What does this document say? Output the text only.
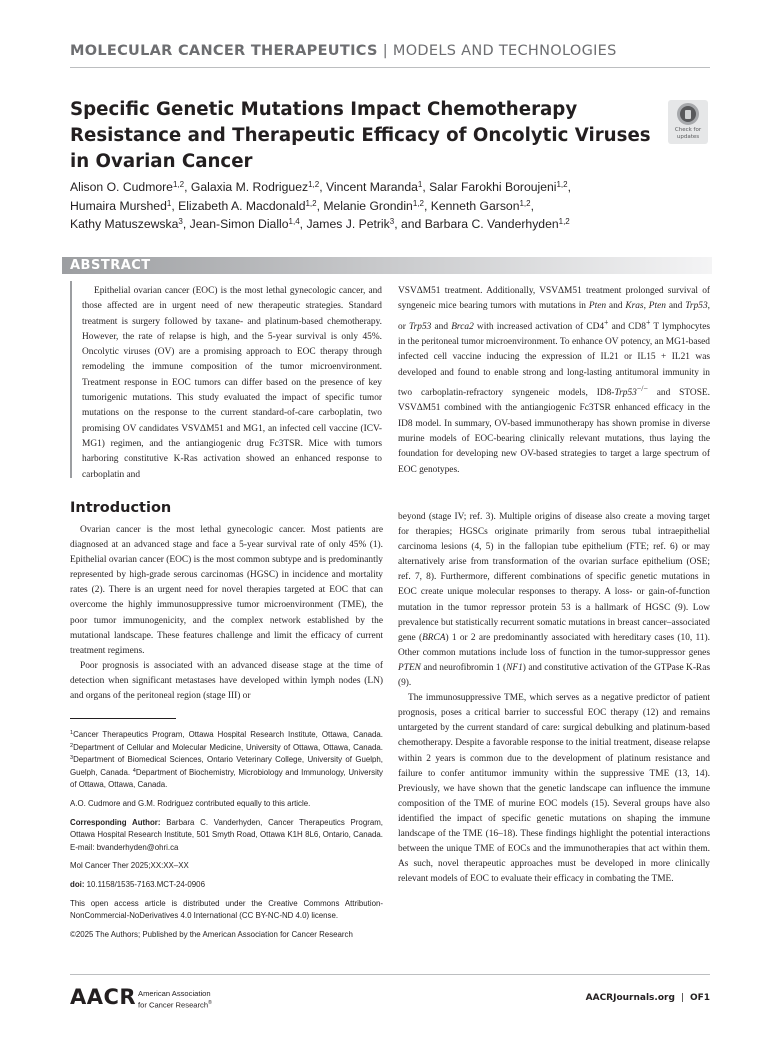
MOLECULAR CANCER THERAPEUTICS | MODELS AND TECHNOLOGIES
Specific Genetic Mutations Impact Chemotherapy Resistance and Therapeutic Efficacy of Oncolytic Viruses in Ovarian Cancer
Check for
updates
Alison O. Cudmore$^{1,2}$, Galaxia M. Rodriguez$^{1,2}$, Vincent Maranda$^1$, Salar Farokhi Boroujeni$^{1,2}$,
Humaira Murshed$^1$, Elizabeth A. Macdonald$^{1,2}$, Melanie Grondin$^{1,2}$, Kenneth Garson$^{1,2}$,
Kathy Matuszewska$^3$, Jean-Simon Diallo$^{1,4}$, James J. Petrik$^3$, and Barbara C. Vanderhyden$^{1,2}$
ABSTRACT

Epithelial ovarian cancer (EOC) is the most lethal gynecologic cancer, and those affected are in urgent need of new therapeutic strategies. Standard treatment is surgery followed by taxane- and platinum-based chemotherapy. However, the rate of relapse is high, and the 5-year survival is only 45%. Oncolytic viruses (OV) are a promising approach to EOC therapy through remodeling the immune composition of the tumor microenvironment. Treatment response in EOC tumors can differ based on the presence of key tumorigenic mutations. This study evaluated the impact of specific tumor mutations on the response to the current standard-of-care carboplatin, two promising OV candidates VSVΔM51 and MG1, an infected cell vaccine (ICV-MG1) regimen, and the antiangiogenic drug Fc3TSR. Mice with tumors harboring constitutive K-Ras activation showed an enhanced response to carboplatin and

VSVΔM51 treatment. Additionally, VSVΔM51 treatment prolonged survival of syngeneic mice bearing tumors with mutations in Pten and Kras, Pten and Trp53, or Trp53 and Brca2 with increased activation of CD4+ and CD8+ T lymphocytes in the peritoneal tumor microenvironment. To enhance OV potency, an MG1-based infected cell vaccine inducing the expression of IL21 or IL15 + IL21 was developed and found to enable strong and long-lasting antitumoral immunity in two carboplatin-refractory syngeneic models, ID8-Trp53−/− and STOSE. VSVΔM51 combined with the antiangiogenic Fc3TSR enhanced efficacy in the ID8 model. In summary, OV-based immunotherapy has shown promise in diverse murine models of EOC-bearing clinically relevant mutations, thus laying the foundation for developing new OV-based strategies to target a large spectrum of EOC genotypes.

Introduction

Ovarian cancer is the most lethal gynecologic cancer. Most patients are diagnosed at an advanced stage and face a 5-year survival rate of only 45% (1). Epithelial ovarian cancer (EOC) is the most common subtype and is predominantly represented by high-grade serous carcinomas (HGSC) in incidence and mortality rates (2). There is an urgent need for novel therapies targeted at EOC that can overcome the highly immunosuppressive tumor microenvironment (TME), the poor tumor immunogenicity, and the complex network established by the mutational landscape. These features challenge and limit the efficacy of current treatment regimens.

Poor prognosis is associated with an advanced disease stage at the time of detection when significant metastases have developed within lymph nodes (LN) and organs of the peritoneal region (stage III) or

beyond (stage IV; ref. 3). Multiple origins of disease also create a moving target for therapies; HGSCs originate primarily from serous tubal intraepithelial carcinoma lesions (4, 5) in the fallopian tube epithelium (FTE; ref. 6) or may alternatively arise from transformation of the ovarian surface epithelium (OSE; ref. 7, 8). Furthermore, different combinations of specific genetic mutations in EOC create unique molecular responses to therapy. A loss- or gain-of-function mutation in the tumor repressor protein 53 is a hallmark of HGSC (9). Low prevalence but statistically recurrent somatic mutations in breast cancer–associated gene (BRCA) 1 or 2 are predominantly associated with hereditary cases (10, 11). Other common mutations include loss of function in the tumor-suppressor genes PTEN and neurofibromin 1 (NF1) and constitutive activation of the GTPase K-Ras (9).

The immunosuppressive TME, which serves as a negative predictor of patient prognosis, poses a critical barrier to successful EOC therapy (12) and remains untargeted by the current standard of care: surgical debulking and platinum-based chemotherapy. Despite a favorable response to the initial treatment, disease relapse within 2 years is common due to the development of platinum resistance and failure to confer antitumor immunity within the suppressive TME (13, 14). Previously, we have shown that the genetic landscape can influence the immune composition of the TME of murine EOC models (15). Several groups have also identified the impact of specific genetic mutations on shaping the immune landscape of the TME (16–18). These findings highlight the potential interactions between the unique TME of EOCs and the immunotherapies that act within them. As such, novel therapeutic approaches must be developed in more clinically relevant models of EOC to evaluate their efficacy in combating the TME.

$^1$Cancer Therapeutics Program, Ottawa Hospital Research Institute, Ottawa, Canada. $^2$Department of Cellular and Molecular Medicine, University of Ottawa, Ottawa, Canada. $^3$Department of Biomedical Sciences, Ontario Veterinary College, University of Guelph, Guelph, Canada. $^4$Department of Biochemistry, Microbiology and Immunology, University of Ottawa, Ottawa, Canada.

A.O. Cudmore and G.M. Rodriguez contributed equally to this article.

Corresponding Author: Barbara C. Vanderhyden, Cancer Therapeutics Program, Ottawa Hospital Research Institute, 501 Smyth Road, Ottawa K1H 8L6, Ontario, Canada. E-mail: bvanderhyden@ohri.ca

Mol Cancer Ther 2025;XX:XX–XX

doi: 10.1158/1535-7163.MCT-24-0906

This open access article is distributed under the Creative Commons Attribution-NonCommercial-NoDerivatives 4.0 International (CC BY-NC-ND 4.0) license.

©2025 The Authors; Published by the American Association for Cancer Research

AACR American Association
for Cancer Research®	AACRJournals.org | OF1
